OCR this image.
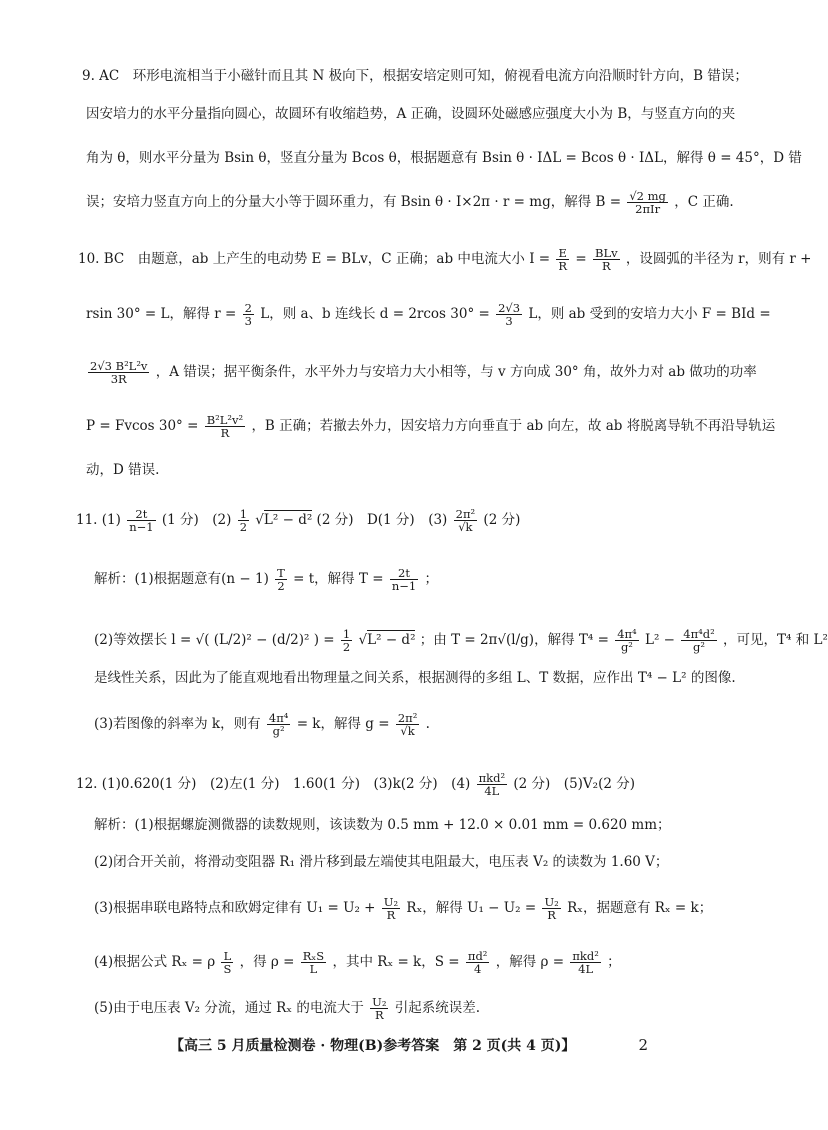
9. AC　环形电流相当于小磁针而且其 N 极向下，根据安培定则可知，俯视看电流方向沿顺时针方向，B 错误；
因安培力的水平分量指向圆心，故圆环有收缩趋势，A 正确，设圆环处磁感应强度大小为 B，与竖直方向的夹
角为 θ，则水平分量为 Bsin θ，竖直分量为 Bcos θ，根据题意有 Bsin θ · IΔL = Bcos θ · IΔL，解得 θ = 45°，D 错
误；安培力竖直方向上的分量大小等于圆环重力，有 Bsin θ · I×2π · r = mg，解得 $B = \frac{√2 mg}{\text{2πIr}}$ ，C 正确.
10. BC　由题意，ab 上产生的电动势 E = BLv，C 正确；ab 中电流大小 $I = \frac{E}{R} = \frac{\text{BLv}}{R}$ ，设圆弧的半径为 r，则有 r +
rsin 30° = L，解得 $r = \frac{2}{3}$ L，则 a、b 连线长 d = 2rcos $30^\circ = \frac{2√3}{3}$ L，则 ab 受到的安培力大小 F = BId =
$\frac{\text{2√3 B²L²v}}{3R}$ ，A 错误；据平衡条件，水平外力与安培力大小相等，与 v 方向成 30° 角，故外力对 ab 做功的功率
P = Fvcos $30^\circ = \frac{\text{B²L²v²}}{R}$ ，B 正确；若撤去外力，因安培力方向垂直于 ab 向左，故 ab 将脱离导轨不再沿导轨运
动，D 错误.
11. $(1) \frac{2t}{n-1} (1$ 分)　$(2) \frac{1}{2} √L^2 - d^2$ (2 分)　D(1 分)　$(3) \frac{\text{2π²}}{√k} (2$ 分)
解析：(1)根据题意有$(n - 1) \frac{T}{2} = t$，解得 $T = \frac{2t}{n-1}$ ；
(2)等效摆长 l = √( (L/2)² − (d/2)² ) = $\frac{1}{2} √L^2 - d^2$ ；由 T = 2π√(l/g)，解得 $T^4 = \frac{\text{4π⁴}}{\text{g²}} L^2 - \frac{\text{4π⁴d²}}{\text{g²}}$ ，可见，T⁴ 和 L²
是线性关系，因此为了能直观地看出物理量之间关系，根据测得的多组 L、T 数据，应作出 T⁴ − L² 的图像.
(3)若图像的斜率为 k，则有 $\frac{\text{4π⁴}}{\text{g²}} = k$，解得 $g = \frac{\text{2π²}}{√k}$ .
12. (1)0.620(1 分)　(2)左(1 分)　1.60(1 分)　(3)k(2 分)　$(4) \frac{\text{πkd²}}{4L} (2$ 分)　(5)V₂(2 分)
解析：(1)根据螺旋测微器的读数规则，该读数为 0.5 mm + 12.0 × 0.01 mm = 0.620 mm；
(2)闭合开关前，将滑动变阻器 R₁ 滑片移到最左端使其电阻最大，电压表 V₂ 的读数为 1.60 V；
(3)根据串联电路特点和欧姆定律有 $U_1 = U_2 + \frac{\text{U₂}}{R}$ Rₓ，解得 $U_1 - U_2 = \frac{\text{U₂}}{R}$ Rₓ，据题意有 Rₓ = k；
(4)根据公式 Rₓ = ρ $\frac{L}{S}$ ，得 $\rho = \frac{\text{RₓS}}{L}$ ，其中 Rₓ = k，$S = \frac{\text{πd²}}{4}$ ，解得 $\rho = \frac{\text{πkd²}}{4L}$ ；
(5)由于电压表 V₂ 分流，通过 Rₓ 的电流大于 $\frac{\text{U₂}}{R}$ 引起系统误差.
【高三 5 月质量检测卷 · 物理(B)参考答案　第 2 页(共 4 页)】	2
